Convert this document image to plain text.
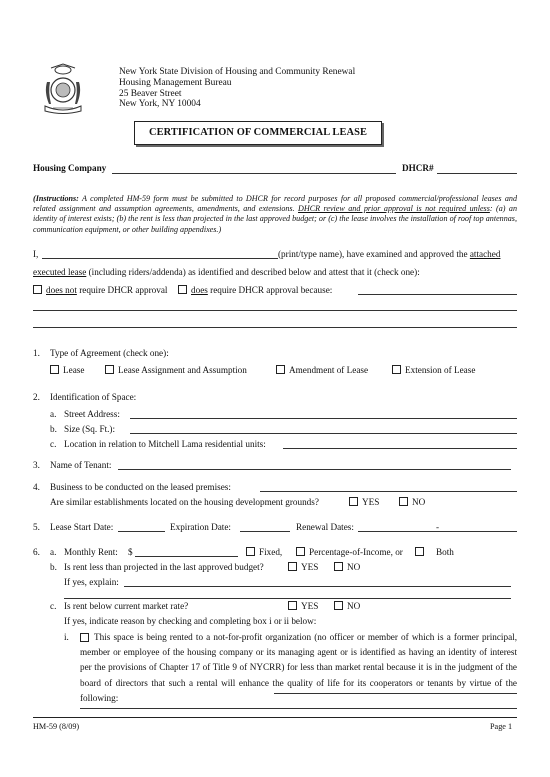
New York State Division of Housing and Community Renewal
Housing Management Bureau
25 Beaver Street
New York, NY 10004
CERTIFICATION OF COMMERCIAL LEASE
Housing Company	DHCR#
(Instructions: A completed HM-59 form must be submitted to DHCR for record purposes for all proposed commercial/professional leases and related assignment and assumption agreements, amendments, and extensions. DHCR review and prior approval is not required unless: (a) an identity of interest exists; (b) the rent is less than projected in the last approved budget; or (c) the lease involves the installation of roof top antennas, communication equipment, or other building appendixes.)
I,	(print/type name), have examined and approved the attached
executed lease (including riders/addenda) as identified and described below and attest that it (check one):
does not require DHCR approval	does require DHCR approval because:
1. Type of Agreement (check one):
Lease	Lease Assignment and Assumption	Amendment of Lease	Extension of Lease
2. Identification of Space:
a. Street Address:
b. Size (Sq. Ft.):
c. Location in relation to Mitchell Lama residential units:
3. Name of Tenant:
4. Business to be conducted on the leased premises:
Are similar establishments located on the housing development grounds?	YES	NO
5. Lease Start Date:	Expiration Date:	Renewal Dates:	-
6. a. Monthly Rent: $	Fixed,	Percentage-of-Income, or	Both
b. Is rent less than projected in the last approved budget?	YES	NO
If yes, explain:
c. Is rent below current market rate?	YES	NO
If yes, indicate reason by checking and completing box i or ii below:
i.	This space is being rented to a not-for-profit organization (no officer or member of which is a former principal, member or employee of the housing company or its managing agent or is identified as having an identity of interest per the provisions of Chapter 17 of Title 9 of NYCRR) for less than market rental because it is in the judgment of the board of directors that such a rental will enhance the quality of life for its cooperators or tenants by virtue of the following:
HM-59 (8/09)	Page 1
